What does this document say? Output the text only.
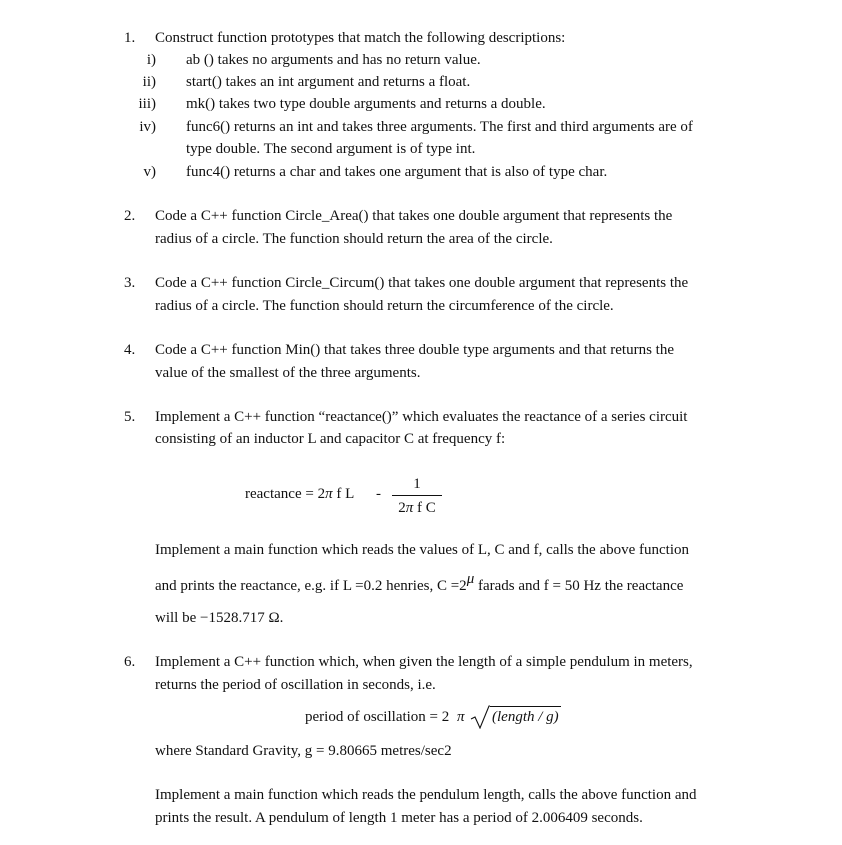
1. Construct function prototypes that match the following descriptions:
i) ab () takes no arguments and has no return value.
ii) start() takes an int argument and returns a float.
iii) mk() takes two type double arguments and returns a double.
iv) func6() returns an int and takes three arguments. The first and third arguments are of
type double. The second argument is of type int.
v) func4() returns a char and takes one argument that is also of type char.
2. Code a C++ function Circle_Area() that takes one double argument that represents the
radius of a circle. The function should return the area of the circle.
3. Code a C++ function Circle_Circum() that takes one double argument that represents the
radius of a circle. The function should return the circumference of the circle.
4. Code a C++ function Min() that takes three double type arguments and that returns the
value of the smallest of the three arguments.
5. Implement a C++ function “reactance()” which evaluates the reactance of a series circuit
consisting of an inductor L and capacitor C at frequency f:
reactance = 2π f L -
1
2π f C
Implement a main function which reads the values of L, C and f, calls the above function
and prints the reactance, e.g. if L =0.2 henries, C =2μ farads and f = 50 Hz the reactance
will be −1528.717 Ω.
6. Implement a C++ function which, when given the length of a simple pendulum in meters,
returns the period of oscillation in seconds, i.e.
period of oscillation = 2 π (length / g)
where Standard Gravity, g = 9.80665 metres/sec2
Implement a main function which reads the pendulum length, calls the above function and
prints the result. A pendulum of length 1 meter has a period of 2.006409 seconds.
